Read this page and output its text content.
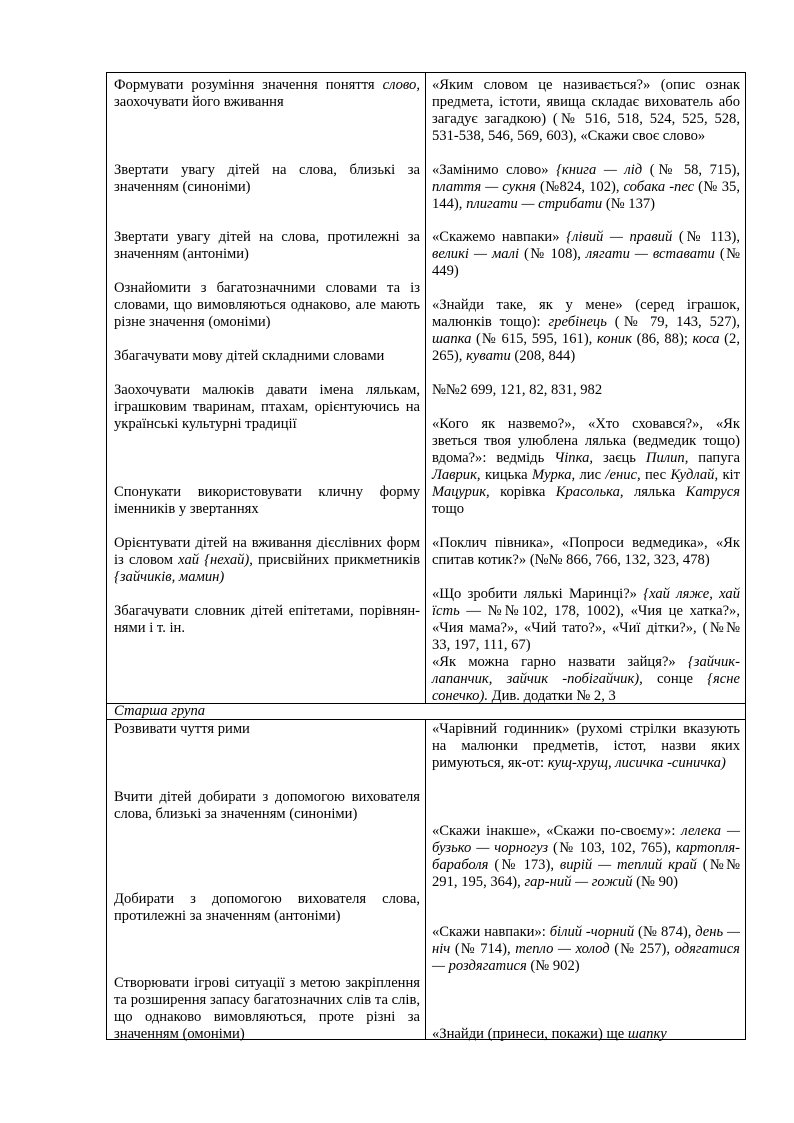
Формувати розуміння значення поняття слово, заохочувати його вживання
Звертати увагу дітей на слова, близькі за значенням (синоніми)
Звертати увагу дітей на слова, протилежні за значенням (антоніми)
Ознайомити з багатозначними словами та із словами, що вимовляються однаково, але мають різне значення (омоніми)
Збагачувати мову дітей складними словами
Заохочувати малюків давати імена лялькам, іграшковим тваринам, птахам, орієнтуючись на українські культурні традиції
Спонукати використовувати кличну форму іменників у звертаннях
Орієнтувати дітей на вживання дієслівних форм із словом хай {нехай), присвійних прикметників {зайчиків, мамин)
Збагачувати словник дітей епітетами, порівнян-нями і т. ін.
«Яким словом це називається?» (опис ознак предмета, істоти, явища складає вихователь або загадує загадкою) (№ 516, 518, 524, 525, 528, 531-538, 546, 569, 603), «Скажи своє слово»
«Замінимо слово» {книга — лід (№ 58, 715), плаття — сукня (№824, 102), собака -пес (№ 35, 144), плигати — стрибати (№ 137)
«Скажемо навпаки» {лівий — правий (№ 113), великі — малі (№ 108), лягати — вставати (№ 449)
«Знайди таке, як у мене» (серед іграшок, малюнків тощо): гребінець (№ 79, 143, 527), шапка (№ 615, 595, 161), коник (86, 88); коса (2, 265), кувати (208, 844)
№№2 699, 121, 82, 831, 982
«Кого як назвемо?», «Хто сховався?», «Як зветься твоя улюблена лялька (ведмедик тощо) вдома?»: ведмідь Чіпка, заєць Пилип, папуга Лаврик, кицька Мурка, лис /енис, пес Кудлай, кіт Мацурик, корівка Красолька, лялька Катруся тощо
«Поклич півника», «Попроси ведмедика», «Як спитав котик?» (№№ 866, 766, 132, 323, 478)
«Що зробити лялькі Маринці?» {хай ляже, хай їсть — №№102, 178, 1002), «Чия це хатка?», «Чия мама?», «Чий тато?», «Чиї дітки?», (№№ 33, 197, 111, 67)
«Як можна гарно назвати зайця?» {зайчик-лапанчик, зайчик -побігайчик), сонце {ясне сонечко). Див. додатки № 2, 3
Старша група
Розвивати чуття рими
Вчити дітей добирати з допомогою вихователя слова, близькі за значенням (синоніми)
Добирати з допомогою вихователя слова, протилежні за значенням (антоніми)
Створювати ігрові ситуації з метою закріплення та розширення запасу багатозначних слів та слів, що однаково вимовляються, проте різні за значенням (омоніми)
«Чарівний годинник» (рухомі стрілки вказують на малюнки предметів, істот, назви яких римуються, як-от: кущ-хрущ, лисичка -синичка)
«Скажи інакше», «Скажи по-своєму»: лелека — бузько — чорногуз (№ 103, 102, 765), картопля-бараболя (№ 173), вирій — теплий край (№№ 291, 195, 364), гар-ний — гожий (№ 90)
«Скажи навпаки»: білий -чорний (№ 874), день — ніч (№ 714), тепло — холод (№ 257), одягатися — роздягатися (№ 902)
«Знайди (принеси, покажи) ще шапку
